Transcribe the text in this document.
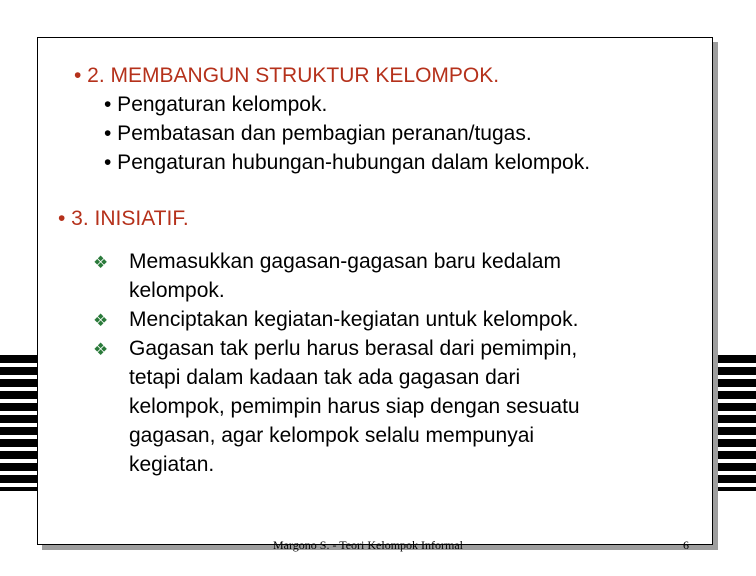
• 2. MEMBANGUN STRUKTUR KELOMPOK.
• Pengaturan kelompok.
• Pembatasan dan pembagian peranan/tugas.
• Pengaturan hubungan-hubungan dalam kelompok.
• 3. INISIATIF.
❖ Memasukkan gagasan-gagasan baru kedalam
kelompok.
❖ Menciptakan kegiatan-kegiatan untuk kelompok.
❖ Gagasan tak perlu harus berasal dari pemimpin,
tetapi dalam kadaan tak ada gagasan dari
kelompok, pemimpin harus siap dengan sesuatu
gagasan, agar kelompok selalu mempunyai
kegiatan.
Margono S. - Teori Kelompok Informal	6
